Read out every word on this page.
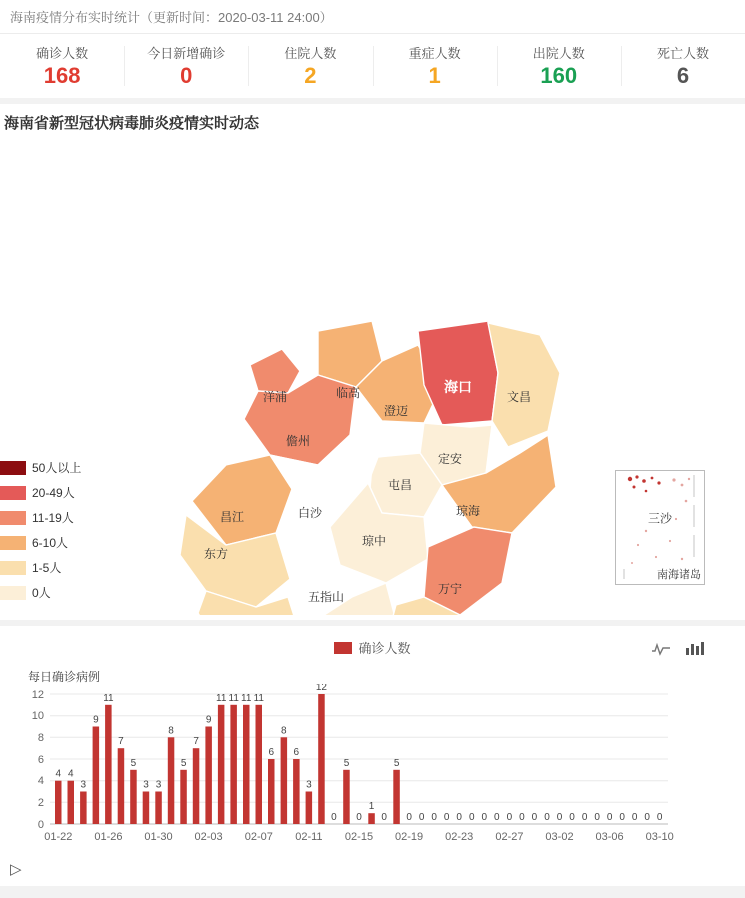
海南疫情分布实时统计（更新时间：2020-03-11 24:00）
确诊人数
168
今日新增确诊
0
住院人数
2
重症人数
1
出院人数
160
死亡人数
6
海南省新型冠状病毒肺炎疫情实时动态
洋浦	临高
澄迈
海口
文昌
儋州
定安
屯昌
琼海
昌江	白沙
琼中
东方
五指山
万宁
50人以上
20-49人
11-19人
6-10人
1-5人
0人
三沙
南海诸岛
确诊人数
每日确诊病例
0
2
4
6
8
10
12
4 4
3
9
11
7
5
3 3
8
5
7
9
11 11 11 11
6
8
6
3
12
0
5
0
1
0
5
0 0 0 0 0 0 0 0 0 0 0 0 0 0 0 0 0 0 0 0 0
01-22 01-26 01-30 02-03 02-07 02-11 02-15 02-19 02-23 02-27 03-02 03-06 03-10
▷
